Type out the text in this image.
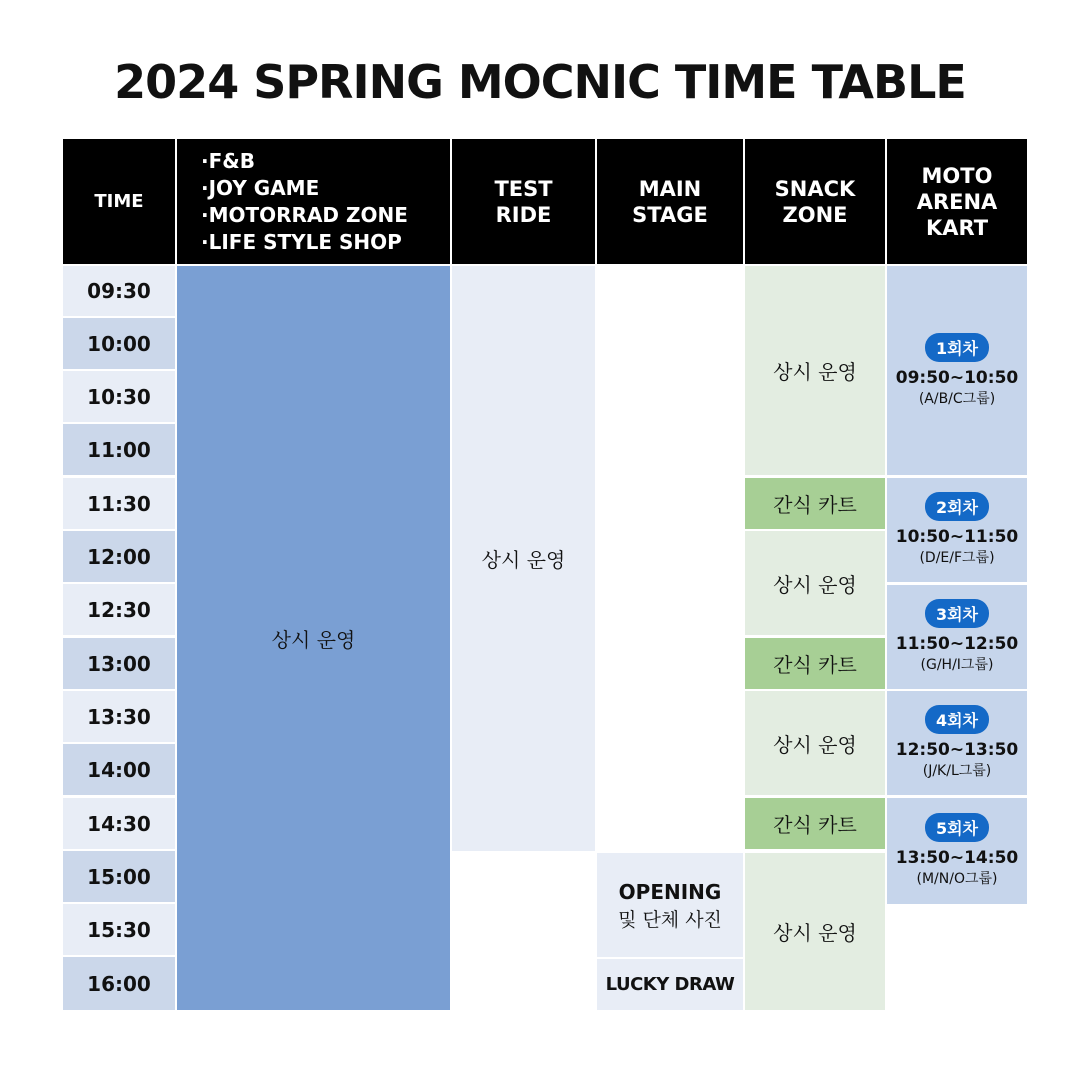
2024 SPRING MOCNIC TIME TABLE
TIME
·F&B
·JOY GAME
·MOTORRAD ZONE
·LIFE STYLE SHOP
TEST
RIDE
MAIN
STAGE
SNACK
ZONE
MOTO
ARENA
KART
09:30
10:00
10:30
11:00
11:30
12:00
12:30
13:00
13:30
14:00
14:30
15:00
15:30
16:00
상시 운영
상시 운영
OPENING
및 단체 사진
LUCKY DRAW
상시 운영
간식 카트
상시 운영
간식 카트
상시 운영
간식 카트
상시 운영
1회차
09:50~10:50
(A/B/C그룹)
2회차
10:50~11:50
(D/E/F그룹)
3회차
11:50~12:50
(G/H/I그룹)
4회차
12:50~13:50
(J/K/L그룹)
5회차
13:50~14:50
(M/N/O그룹)
